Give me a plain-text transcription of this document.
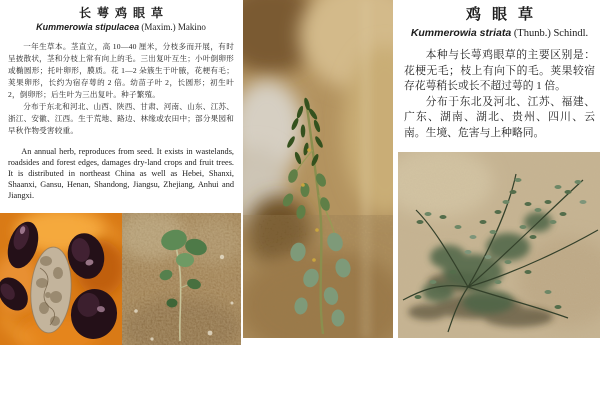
长萼鸡眼草
Kummerowia stipulacea (Maxim.) Makino

一年生草本。茎直立，高 10—40 厘米，分枝多而开展，有时呈披散状，茎和分枝上常有向上的毛。三出复叶互生；小叶倒卵形或椭圆形；托叶卵形，膜质。花 1—2 朵簇生于叶腋，花梗有毛；荚果卵形，长约为宿存萼的 2 倍。幼苗子叶 2，长圆形；初生叶 2，倒卵形；后生叶为三出复叶。种子繁殖。

分布于东北和河北、山西、陕西、甘肃、河南、山东、江苏、浙江、安徽、江西。生于荒地、路边、林缘或农田中；部分果园和早秋作物受害较重。

An annual herb, reproduces from seed. It exists in wastelands, roadsides and forest edges, damages dry-land crops and fruit trees. It is distributed in northeast China as well as Hebei, Shanxi, Shaanxi, Gansu, Henan, Shandong, Jiangsu, Zhejiang, Anhui and Jiangxi.

鸡眼草
Kummerowia striata (Thunb.) Schindl.

本种与长萼鸡眼草的主要区别是：花梗无毛；枝上有向下的毛。荚果较宿存花萼稍长或长不超过萼的 1 倍。

分布于东北及河北、江苏、福建、广东、湖南、湖北、贵州、四川、云南。生境、危害与上种略同。
